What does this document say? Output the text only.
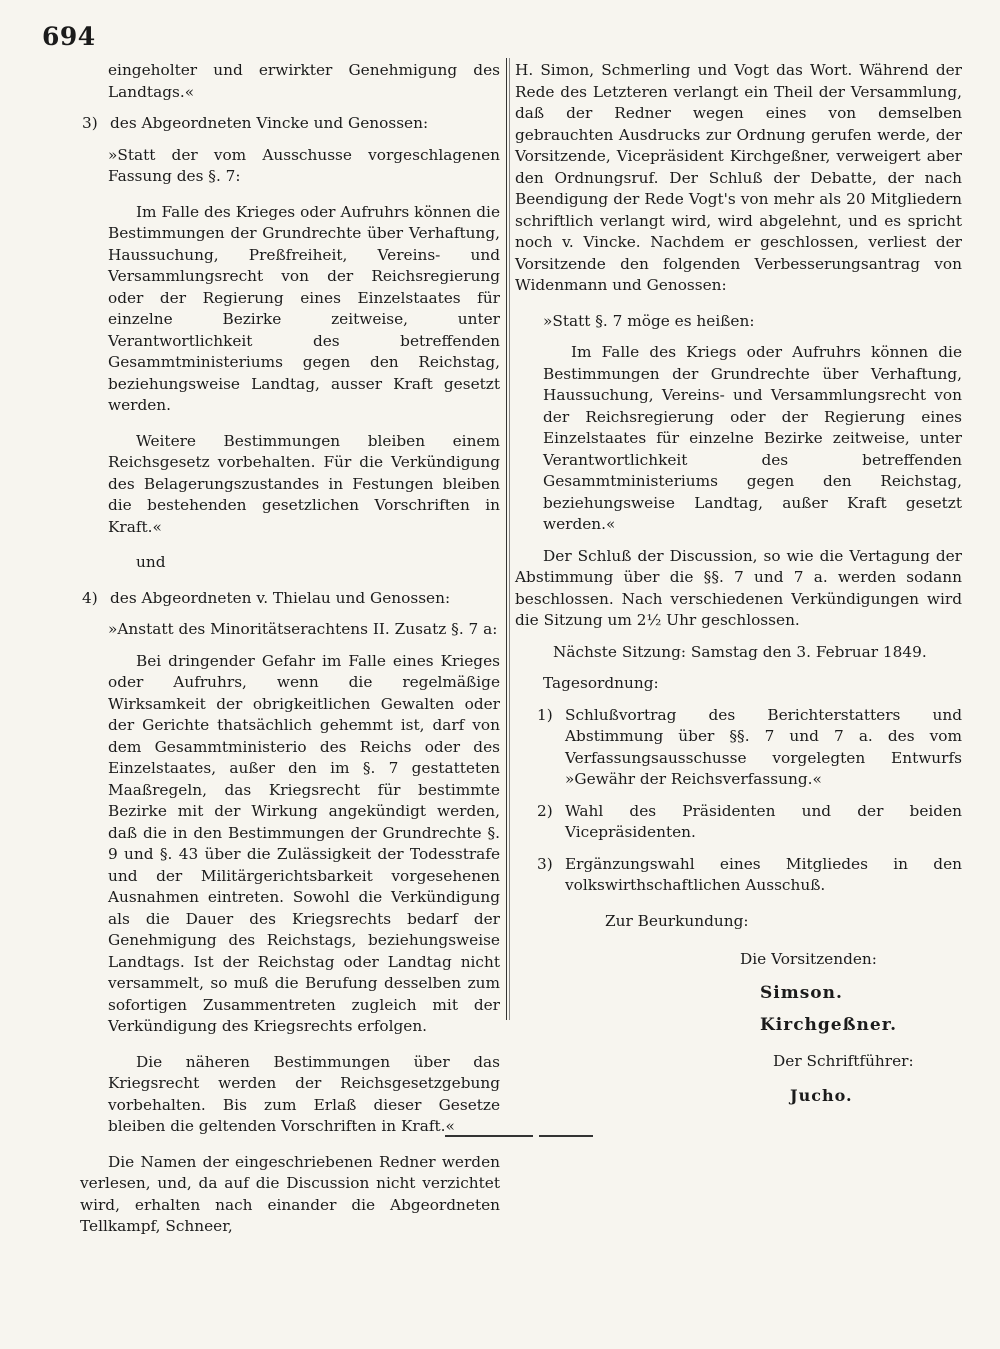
694

eingeholter und erwirkter Genehmigung des Landtags.«

3) des Abgeordneten Vincke und Genossen:

»Statt der vom Ausschusse vorgeschlagenen Fassung des §. 7:

Im Falle des Krieges oder Aufruhrs können die Bestimmungen der Grundrechte über Verhaftung, Haussuchung, Preßfreiheit, Vereins- und Versammlungsrecht von der Reichsregierung oder der Regierung eines Einzelstaates für einzelne Bezirke zeitweise, unter Verantwortlichkeit des betreffenden Gesammtministeriums gegen den Reichstag, beziehungsweise Landtag, ausser Kraft gesetzt werden.

Weitere Bestimmungen bleiben einem Reichsgesetz vorbehalten. Für die Verkündigung des Belagerungszustandes in Festungen bleiben die bestehenden gesetzlichen Vorschriften in Kraft.«

und

4) des Abgeordneten v. Thielau und Genossen:

»Anstatt des Minoritätserachtens II. Zusatz §. 7 a:

Bei dringender Gefahr im Falle eines Krieges oder Aufruhrs, wenn die regelmäßige Wirksamkeit der obrigkeitlichen Gewalten oder der Gerichte thatsächlich gehemmt ist, darf von dem Gesammtministerio des Reichs oder des Einzelstaates, außer den im §. 7 gestatteten Maaßregeln, das Kriegsrecht für bestimmte Bezirke mit der Wirkung angekündigt werden, daß die in den Bestimmungen der Grundrechte §. 9 und §. 43 über die Zulässigkeit der Todesstrafe und der Militärgerichtsbarkeit vorgesehenen Ausnahmen eintreten. Sowohl die Verkündigung als die Dauer des Kriegsrechts bedarf der Genehmigung des Reichstags, beziehungsweise Landtags. Ist der Reichstag oder Landtag nicht versammelt, so muß die Berufung desselben zum sofortigen Zusammentreten zugleich mit der Verkündigung des Kriegsrechts erfolgen.

Die näheren Bestimmungen über das Kriegsrecht werden der Reichsgesetzgebung vorbehalten. Bis zum Erlaß dieser Gesetze bleiben die geltenden Vorschriften in Kraft.«

Die Namen der eingeschriebenen Redner werden verlesen, und, da auf die Discussion nicht verzichtet wird, erhalten nach einander die Abgeordneten Tellkampf, Schneer,

H. Simon, Schmerling und Vogt das Wort. Während der Rede des Letzteren verlangt ein Theil der Versammlung, daß der Redner wegen eines von demselben gebrauchten Ausdrucks zur Ordnung gerufen werde, der Vorsitzende, Vicepräsident Kirchgeßner, verweigert aber den Ordnungsruf. Der Schluß der Debatte, der nach Beendigung der Rede Vogt's von mehr als 20 Mitgliedern schriftlich verlangt wird, wird abgelehnt, und es spricht noch v. Vincke. Nachdem er geschlossen, verliest der Vorsitzende den folgenden Verbesserungsantrag von Widenmann und Genossen:

»Statt §. 7 möge es heißen:

Im Falle des Kriegs oder Aufruhrs können die Bestimmungen der Grundrechte über Verhaftung, Haussuchung, Vereins- und Versammlungsrecht von der Reichsregierung oder der Regierung eines Einzelstaates für einzelne Bezirke zeitweise, unter Verantwortlichkeit des betreffenden Gesammtministeriums gegen den Reichstag, beziehungsweise Landtag, außer Kraft gesetzt werden.«

Der Schluß der Discussion, so wie die Vertagung der Abstimmung über die §§. 7 und 7 a. werden sodann beschlossen. Nach verschiedenen Verkündigungen wird die Sitzung um 2½ Uhr geschlossen.

Nächste Sitzung: Samstag den 3. Februar 1849.

Tagesordnung:

1) Schlußvortrag des Berichterstatters und Abstimmung über §§. 7 und 7 a. des vom Verfassungsausschusse vorgelegten Entwurfs »Gewähr der Reichsverfassung.«

2) Wahl des Präsidenten und der beiden Vicepräsidenten.

3) Ergänzungswahl eines Mitgliedes in den volkswirthschaftlichen Ausschuß.

Zur Beurkundung:
Die Vorsitzenden:
Simson.
Kirchgeßner.
Der Schriftführer:
Jucho.
